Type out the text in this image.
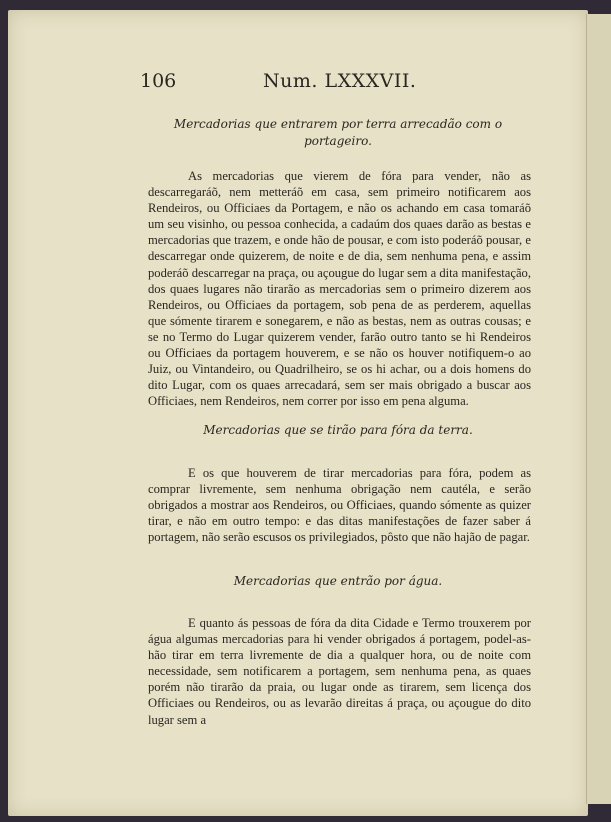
106	Num. LXXXVII.
Mercadorias que entrarem por terra arrecadão com o portageiro.
As mercadorias que vierem de fóra para vender, não as descarregaráõ, nem metteráõ em casa, sem primeiro notificarem aos Rendeiros, ou Officiaes da Portagem, e não os achando em casa tomaráõ um seu visinho, ou pessoa conhecida, a cadaúm dos quaes darão as bestas e mercadorias que trazem, e onde hão de pousar, e com isto poderáõ pousar, e descarregar onde quizerem, de noite e de dia, sem nenhuma pena, e assim poderáõ descarregar na praça, ou açougue do lugar sem a dita manifestação, dos quaes lugares não tirarão as mercadorias sem o primeiro dizerem aos Rendeiros, ou Officiaes da portagem, sob pena de as perderem, aquellas que sómente tirarem e sonegarem, e não as bestas, nem as outras cousas; e se no Termo do Lugar quizerem vender, farão outro tanto se hi Rendeiros ou Officiaes da portagem houverem, e se não os houver notifiquem-o ao Juiz, ou Vintandeiro, ou Quadrilheiro, se os hi achar, ou a dois homens do dito Lugar, com os quaes arrecadará, sem ser mais obrigado a buscar aos Officiaes, nem Rendeiros, nem correr por isso em pena alguma.
Mercadorias que se tirão para fóra da terra.
E os que houverem de tirar mercadorias para fóra, podem as comprar livremente, sem nenhuma obrigação nem cautéla, e serão obrigados a mostrar aos Rendeiros, ou Officiaes, quando sómente as quizer tirar, e não em outro tempo: e das ditas manifestações de fazer saber á portagem, não serão escusos os privilegiados, pôsto que não hajão de pagar.
Mercadorias que entrão por água.
E quanto ás pessoas de fóra da dita Cidade e Termo trouxerem por água algumas mercadorias para hi vender obrigados á portagem, podel-as-hão tirar em terra livremente de dia a qualquer hora, ou de noite com necessidade, sem notificarem a portagem, sem nenhuma pena, as quaes porém não tirarão da praia, ou lugar onde as tirarem, sem licença dos Officiaes ou Rendeiros, ou as levarão direitas á praça, ou açougue do dito lugar sem a
